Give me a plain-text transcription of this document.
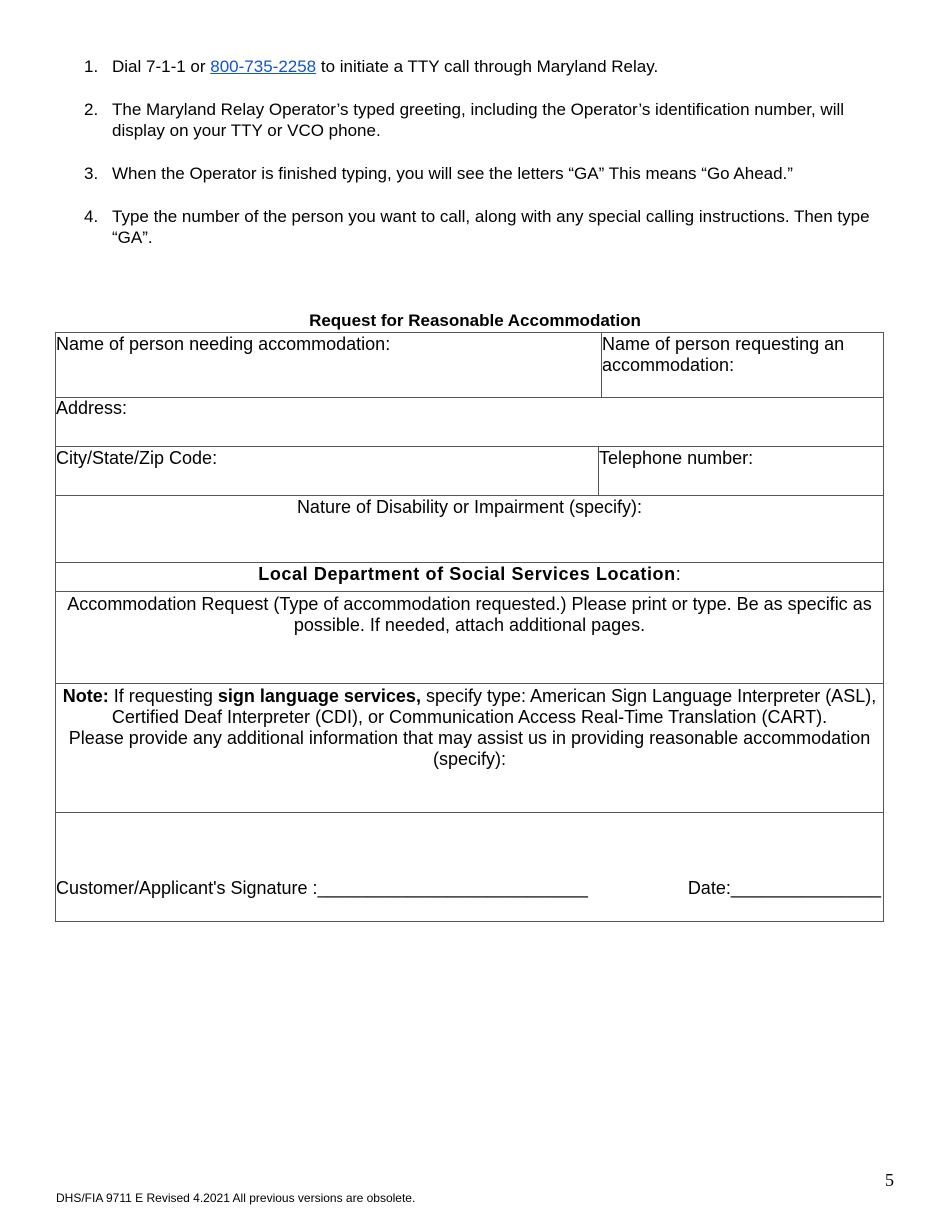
1. Dial 7-1-1 or 800-735-2258 to initiate a TTY call through Maryland Relay.
2. The Maryland Relay Operator’s typed greeting, including the Operator’s identification number, will display on your TTY or VCO phone.
3. When the Operator is finished typing, you will see the letters “GA” This means “Go Ahead.”
4. Type the number of the person you want to call, along with any special calling instructions. Then type “GA”.
Request for Reasonable Accommodation
Name of person needing accommodation:	Name of person requesting an accommodation:
Address:
City/State/Zip Code:	Telephone number:
Nature of Disability or Impairment (specify):
Local Department of Social Services Location:
Accommodation Request (Type of accommodation requested.) Please print or type. Be as specific as possible. If needed, attach additional pages.
Note: If requesting sign language services, specify type: American Sign Language Interpreter (ASL), Certified Deaf Interpreter (CDI), or Communication Access Real-Time Translation (CART).
Please provide any additional information that may assist us in providing reasonable accommodation (specify):
Customer/Applicant's Signature :___________________________	Date:_______________
5
DHS/FIA 9711 E Revised 4.2021 All previous versions are obsolete.
